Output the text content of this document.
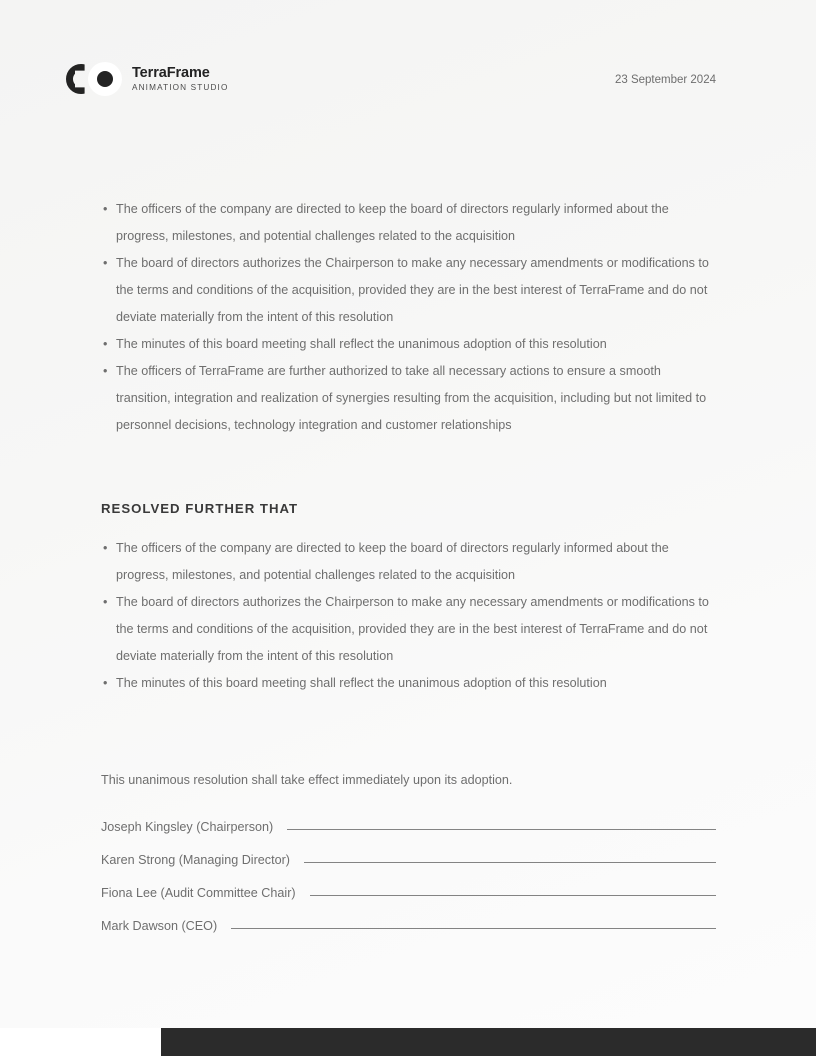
TerraFrame
ANIMATION STUDIO
23 September 2024
• The officers of the company are directed to keep the board of directors regularly informed about the progress, milestones, and potential challenges related to the acquisition
• The board of directors authorizes the Chairperson to make any necessary amendments or modifications to the terms and conditions of the acquisition, provided they are in the best interest of TerraFrame and do not deviate materially from the intent of this resolution
• The minutes of this board meeting shall reflect the unanimous adoption of this resolution
• The officers of TerraFrame are further authorized to take all necessary actions to ensure a smooth transition, integration and realization of synergies resulting from the acquisition, including but not limited to personnel decisions, technology integration and customer relationships
RESOLVED FURTHER THAT
• The officers of the company are directed to keep the board of directors regularly informed about the progress, milestones, and potential challenges related to the acquisition
• The board of directors authorizes the Chairperson to make any necessary amendments or modifications to the terms and conditions of the acquisition, provided they are in the best interest of TerraFrame and do not deviate materially from the intent of this resolution
• The minutes of this board meeting shall reflect the unanimous adoption of this resolution
This unanimous resolution shall take effect immediately upon its adoption.
Joseph Kingsley (Chairperson)
Karen Strong (Managing Director)
Fiona Lee (Audit Committee Chair)
Mark Dawson (CEO)
